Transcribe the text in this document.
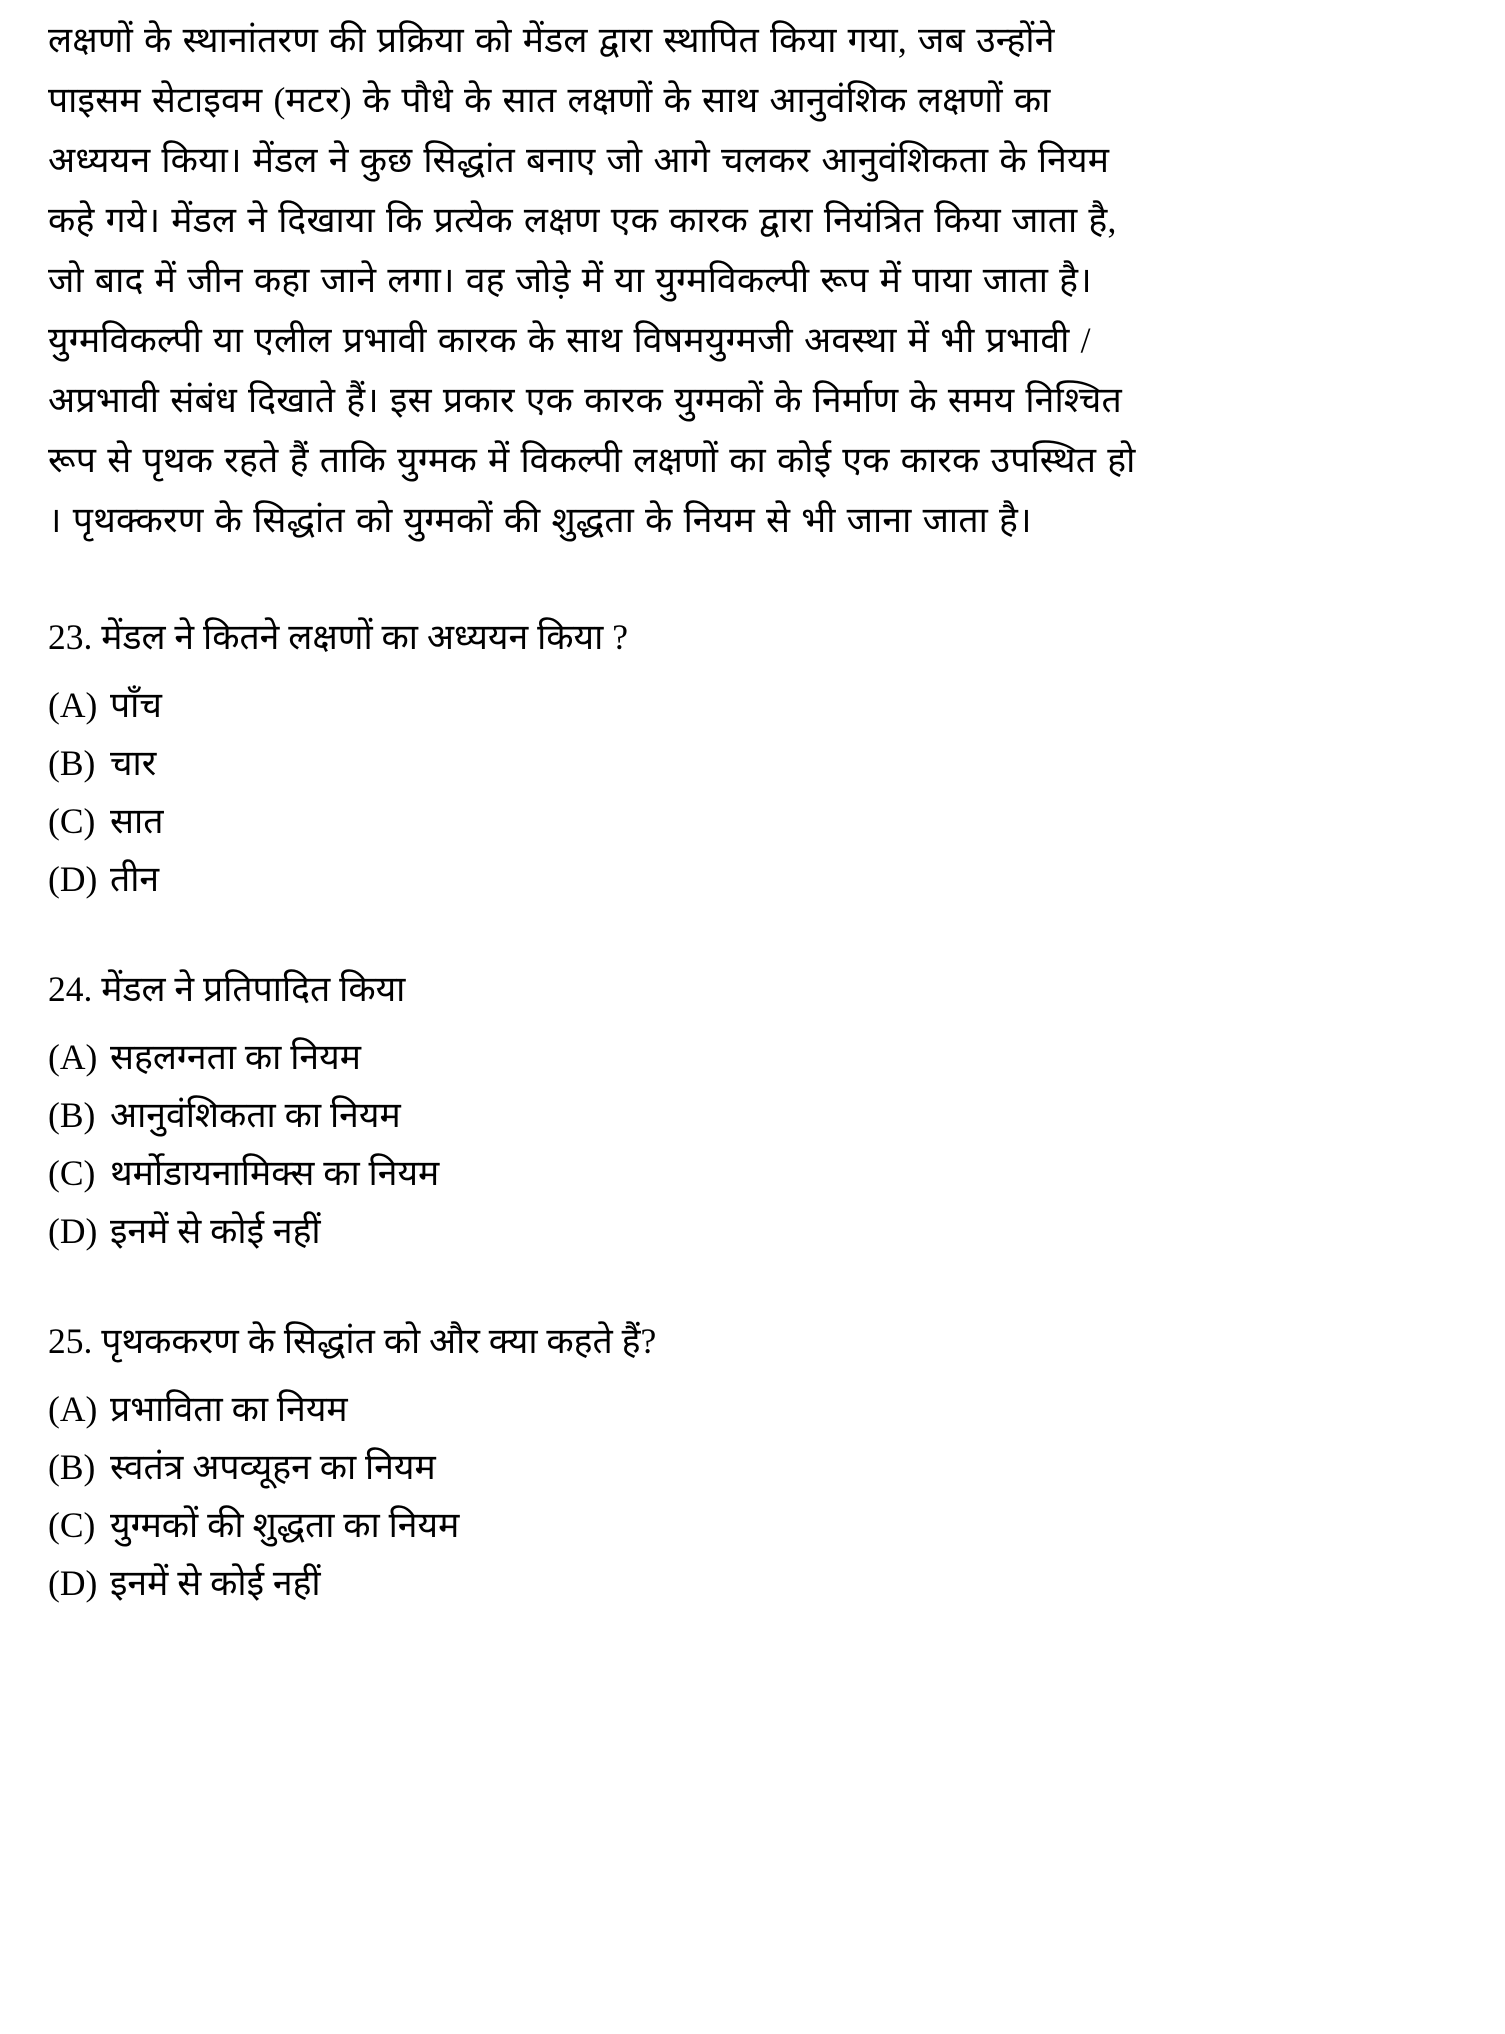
लक्षणों के स्थानांतरण की प्रक्रिया को मेंडल द्वारा स्थापित किया गया, जब उन्होंने
पाइसम सेटाइवम (मटर) के पौधे के सात लक्षणों के साथ आनुवंशिक लक्षणों का
अध्ययन किया। मेंडल ने कुछ सिद्धांत बनाए जो आगे चलकर आनुवंशिकता के नियम
कहे गये। मेंडल ने दिखाया कि प्रत्येक लक्षण एक कारक द्वारा नियंत्रित किया जाता है,
जो बाद में जीन कहा जाने लगा। वह जोड़े में या युग्मविकल्पी रूप में पाया जाता है।
युग्मविकल्पी या एलील प्रभावी कारक के साथ विषमयुग्मजी अवस्था में भी प्रभावी /
अप्रभावी संबंध दिखाते हैं। इस प्रकार एक कारक युग्मकों के निर्माण के समय निश्चित
रूप से पृथक रहते हैं ताकि युग्मक में विकल्पी लक्षणों का कोई एक कारक उपस्थित हो
। पृथक्करण के सिद्धांत को युग्मकों की शुद्धता के नियम से भी जाना जाता है।
23. मेंडल ने कितने लक्षणों का अध्ययन किया ?
(A) पाँच
(B) चार
(C) सात
(D) तीन
24. मेंडल ने प्रतिपादित किया
(A) सहलग्नता का नियम
(B) आनुवंशिकता का नियम
(C) थर्मोडायनामिक्स का नियम
(D) इनमें से कोई नहीं
25. पृथककरण के सिद्धांत को और क्या कहते हैं?
(A) प्रभाविता का नियम
(B) स्वतंत्र अपव्यूहन का नियम
(C) युग्मकों की शुद्धता का नियम
(D) इनमें से कोई नहीं
